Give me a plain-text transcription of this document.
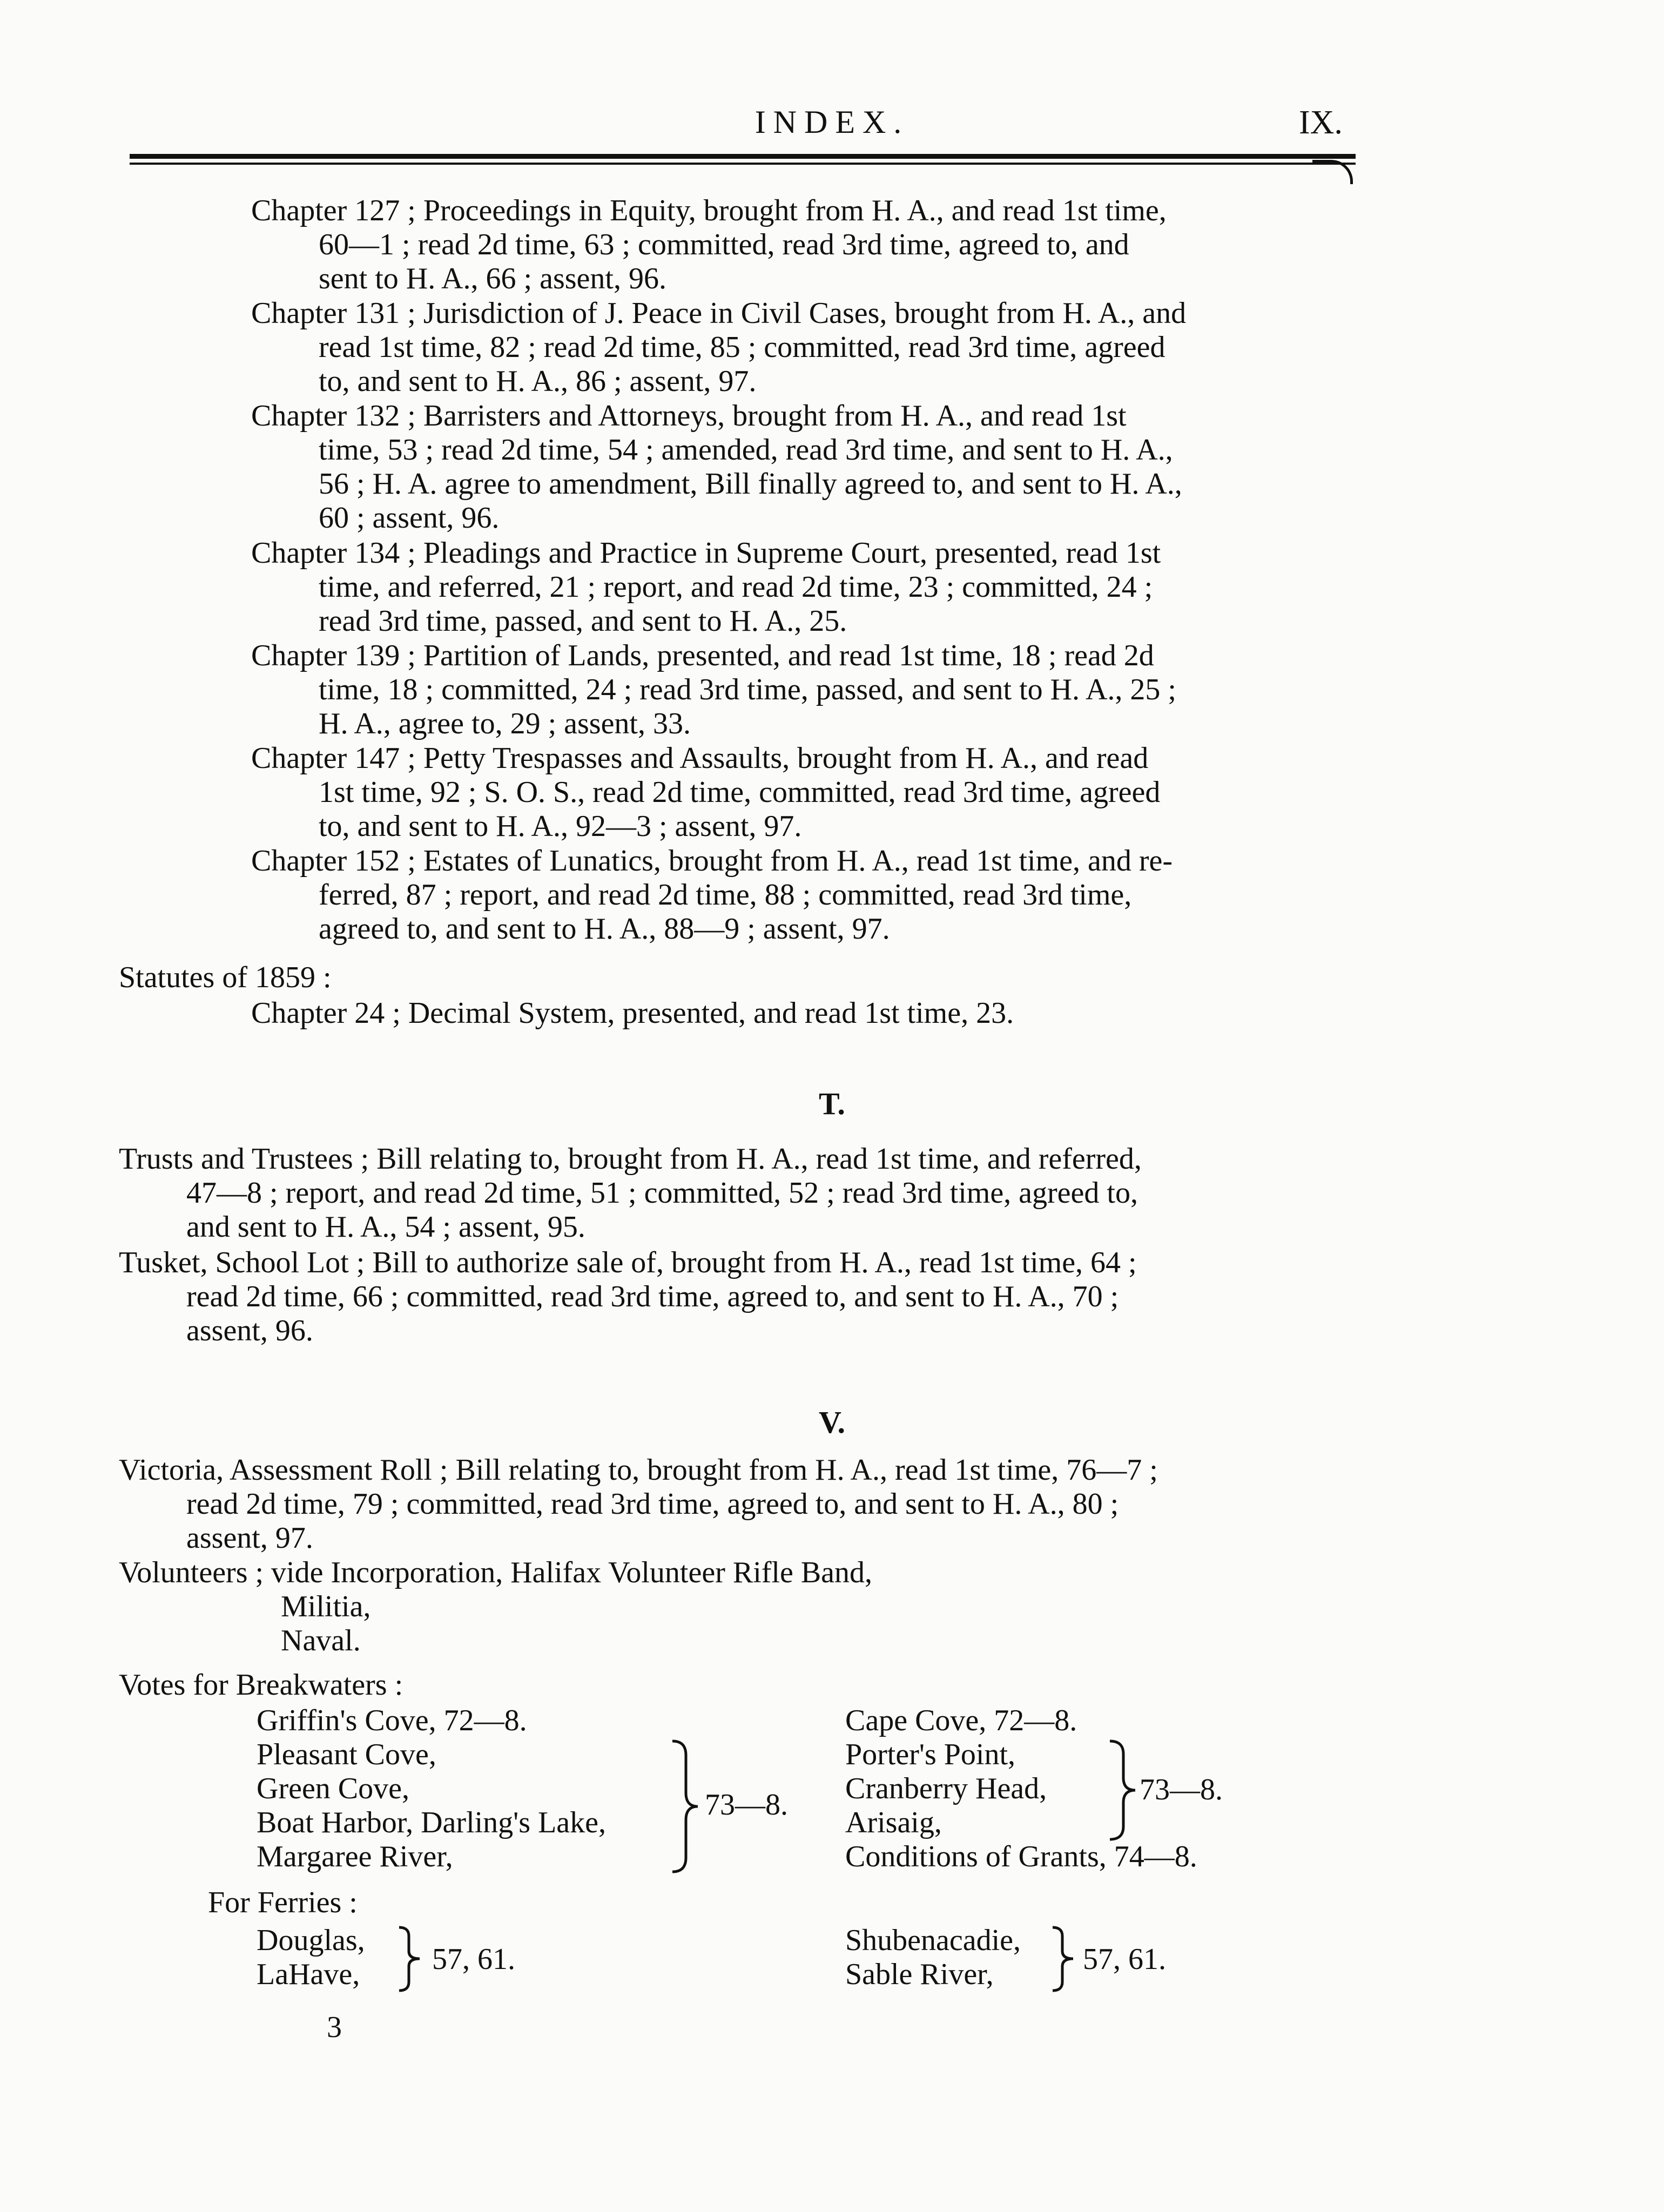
INDEX.	IX.
Chapter 127 ; Proceedings in Equity, brought from H. A., and read 1st time,
60—1 ; read 2d time, 63 ; committed, read 3rd time, agreed to, and
sent to H. A., 66 ; assent, 96.
Chapter 131 ; Jurisdiction of J. Peace in Civil Cases, brought from H. A., and
read 1st time, 82 ; read 2d time, 85 ; committed, read 3rd time, agreed
to, and sent to H. A., 86 ; assent, 97.
Chapter 132 ; Barristers and Attorneys, brought from H. A., and read 1st
time, 53 ; read 2d time, 54 ; amended, read 3rd time, and sent to H. A.,
56 ; H. A. agree to amendment, Bill finally agreed to, and sent to H. A.,
60 ; assent, 96.
Chapter 134 ; Pleadings and Practice in Supreme Court, presented, read 1st
time, and referred, 21 ; report, and read 2d time, 23 ; committed, 24 ;
read 3rd time, passed, and sent to H. A., 25.
Chapter 139 ; Partition of Lands, presented, and read 1st time, 18 ; read 2d
time, 18 ; committed, 24 ; read 3rd time, passed, and sent to H. A., 25 ;
H. A., agree to, 29 ; assent, 33.
Chapter 147 ; Petty Trespasses and Assaults, brought from H. A., and read
1st time, 92 ; S. O. S., read 2d time, committed, read 3rd time, agreed
to, and sent to H. A., 92—3 ; assent, 97.
Chapter 152 ; Estates of Lunatics, brought from H. A., read 1st time, and re-
ferred, 87 ; report, and read 2d time, 88 ; committed, read 3rd time,
agreed to, and sent to H. A., 88—9 ; assent, 97.
Statutes of 1859 :
Chapter 24 ; Decimal System, presented, and read 1st time, 23.
T.
Trusts and Trustees ; Bill relating to, brought from H. A., read 1st time, and referred,
47—8 ; report, and read 2d time, 51 ; committed, 52 ; read 3rd time, agreed to,
and sent to H. A., 54 ; assent, 95.
Tusket, School Lot ; Bill to authorize sale of, brought from H. A., read 1st time, 64 ;
read 2d time, 66 ; committed, read 3rd time, agreed to, and sent to H. A., 70 ;
assent, 96.
V.
Victoria, Assessment Roll ; Bill relating to, brought from H. A., read 1st time, 76—7 ;
read 2d time, 79 ; committed, read 3rd time, agreed to, and sent to H. A., 80 ;
assent, 97.
Volunteers ; vide Incorporation, Halifax Volunteer Rifle Band,
Militia,
Naval.
Votes for Breakwaters :
Griffin's Cove, 72—8.
Pleasant Cove,
Green Cove,
Boat Harbor, Darling's Lake,
Margaree River,
73—8.
Cape Cove, 72—8.
Porter's Point,
Cranberry Head,
Arisaig,
73—8.
Conditions of Grants, 74—8.
For Ferries :
Douglas,
LaHave, 57, 61.
Shubenacadie,
Sable River,	57, 61.
3
